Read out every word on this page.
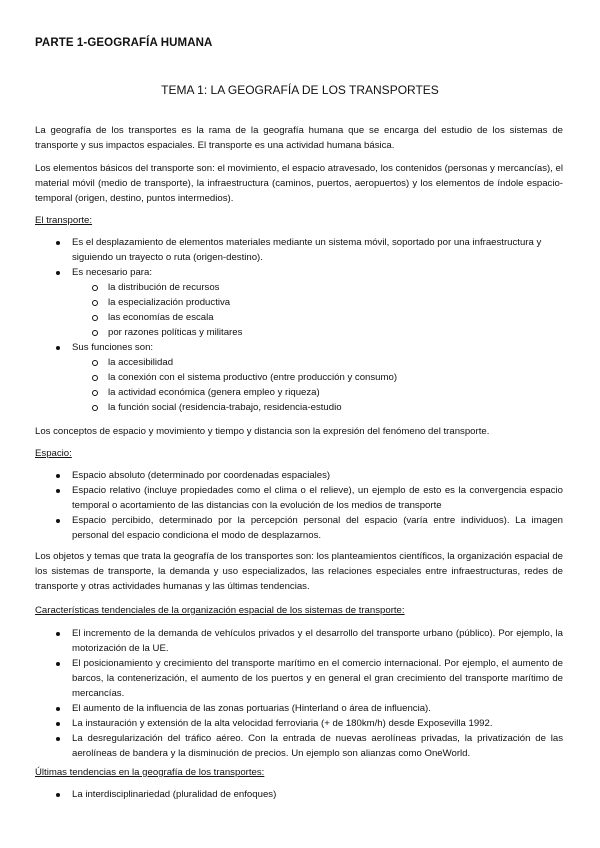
PARTE 1-GEOGRAFÍA HUMANA
TEMA 1: LA GEOGRAFÍA DE LOS TRANSPORTES
La geografía de los transportes es la rama de la geografía humana que se encarga del estudio de los sistemas de transporte y sus impactos espaciales. El transporte es una actividad humana básica.
Los elementos básicos del transporte son: el movimiento, el espacio atravesado, los contenidos (personas y mercancías), el material móvil (medio de transporte), la infraestructura (caminos, puertos, aeropuertos) y los elementos de índole espacio-temporal (origen, destino, puntos intermedios).
El transporte:
Es el desplazamiento de elementos materiales mediante un sistema móvil, soportado por una infraestructura y siguiendo un trayecto o ruta (origen-destino).
Es necesario para:
la distribución de recursos
la especialización productiva
las economías de escala
por razones políticas y militares
Sus funciones son:
la accesibilidad
la conexión con el sistema productivo (entre producción y consumo)
la actividad económica (genera empleo y riqueza)
la función social (residencia-trabajo, residencia-estudio
Los conceptos de espacio y movimiento y tiempo y distancia son la expresión del fenómeno del transporte.
Espacio:
Espacio absoluto (determinado por coordenadas espaciales)
Espacio relativo (incluye propiedades como el clima o el relieve), un ejemplo de esto es la convergencia espacio temporal o acortamiento de las distancias con la evolución de los medios de transporte
Espacio percibido, determinado por la percepción personal del espacio (varía entre individuos). La imagen personal del espacio condiciona el modo de desplazarnos.
Los objetos y temas que trata la geografía de los transportes son: los planteamientos científicos, la organización espacial de los sistemas de transporte, la demanda y uso especializados, las relaciones especiales entre infraestructuras, redes de transporte y otras actividades humanas y las últimas tendencias.
Características tendenciales de la organización espacial de los sistemas de transporte:
El incremento de la demanda de vehículos privados y el desarrollo del transporte urbano (público). Por ejemplo, la motorización de la UE.
El posicionamiento y crecimiento del transporte marítimo en el comercio internacional. Por ejemplo, el aumento de barcos, la contenerización, el aumento de los puertos y en general el gran crecimiento del transporte marítimo de mercancías.
El aumento de la influencia de las zonas portuarias (Hinterland o área de influencia).
La instauración y extensión de la alta velocidad ferroviaria (+ de 180km/h) desde Exposevilla 1992.
La desregularización del tráfico aéreo. Con la entrada de nuevas aerolíneas privadas, la privatización de las aerolíneas de bandera y la disminución de precios. Un ejemplo son alianzas como OneWorld.
Últimas tendencias en la geografía de los transportes:
La interdisciplinariedad (pluralidad de enfoques)
